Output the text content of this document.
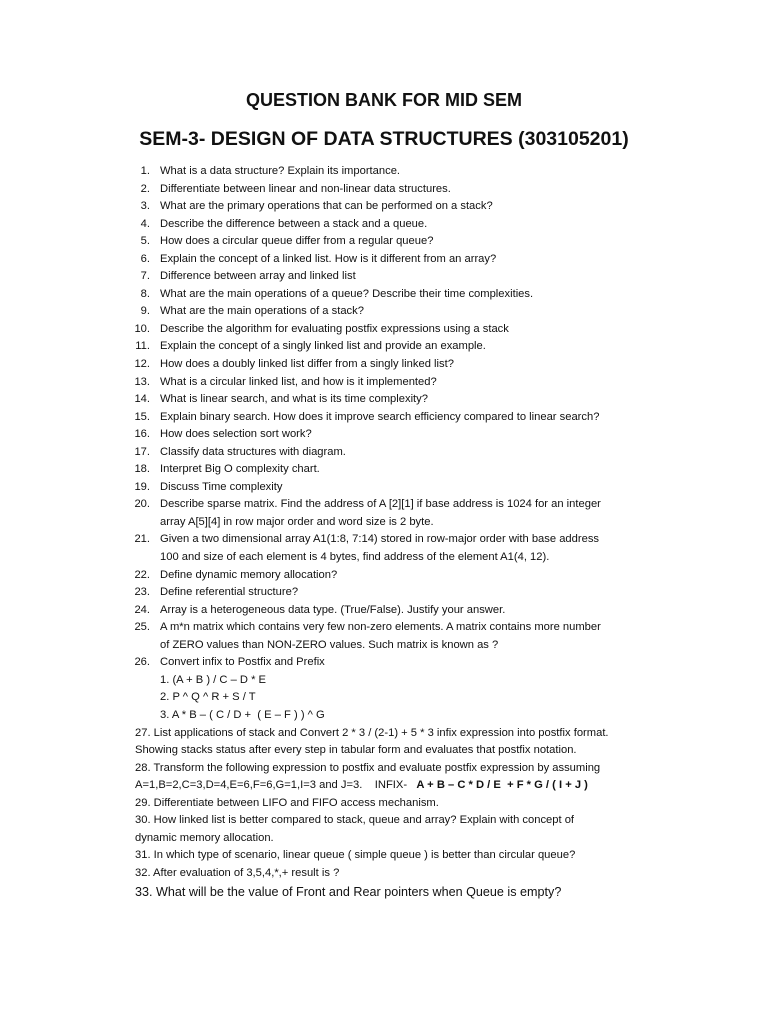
QUESTION BANK FOR MID SEM
SEM-3- DESIGN OF DATA STRUCTURES (303105201)
1. What is a data structure? Explain its importance.
2. Differentiate between linear and non-linear data structures.
3. What are the primary operations that can be performed on a stack?
4. Describe the difference between a stack and a queue.
5. How does a circular queue differ from a regular queue?
6. Explain the concept of a linked list. How is it different from an array?
7. Difference between array and linked list
8. What are the main operations of a queue? Describe their time complexities.
9. What are the main operations of a stack?
10. Describe the algorithm for evaluating postfix expressions using a stack
11. Explain the concept of a singly linked list and provide an example.
12. How does a doubly linked list differ from a singly linked list?
13. What is a circular linked list, and how is it implemented?
14. What is linear search, and what is its time complexity?
15. Explain binary search. How does it improve search efficiency compared to linear search?
16. How does selection sort work?
17. Classify data structures with diagram.
18. Interpret Big O complexity chart.
19. Discuss Time complexity
20. Describe sparse matrix. Find the address of A [2][1] if base address is 1024 for an integer
array A[5][4] in row major order and word size is 2 byte.
21. Given a two dimensional array A1(1:8, 7:14) stored in row-major order with base address
100 and size of each element is 4 bytes, find address of the element A1(4, 12).
22. Define dynamic memory allocation?
23. Define referential structure?
24. Array is a heterogeneous data type. (True/False). Justify your answer.
25. A m*n matrix which contains very few non-zero elements. A matrix contains more number
of ZERO values than NON-ZERO values. Such matrix is known as ?
26. Convert infix to Postfix and Prefix
1. (A + B ) / C – D * E
2. P ^ Q ^ R + S / T
3. A * B – ( C / D +  ( E – F ) ) ^ G
27. List applications of stack and Convert 2 * 3 / (2-1) + 5 * 3 infix expression into postfix format.
Showing stacks status after every step in tabular form and evaluates that postfix notation.
28. Transform the following expression to postfix and evaluate postfix expression by assuming
A=1,B=2,C=3,D=4,E=6,F=6,G=1,I=3 and J=3.    INFIX-   A + B – C * D / E  + F * G / ( I + J )
29. Differentiate between LIFO and FIFO access mechanism.
30. How linked list is better compared to stack, queue and array? Explain with concept of
dynamic memory allocation.
31. In which type of scenario, linear queue ( simple queue ) is better than circular queue?
32. After evaluation of 3,5,4,*,+ result is ?
33. What will be the value of Front and Rear pointers when Queue is empty?
